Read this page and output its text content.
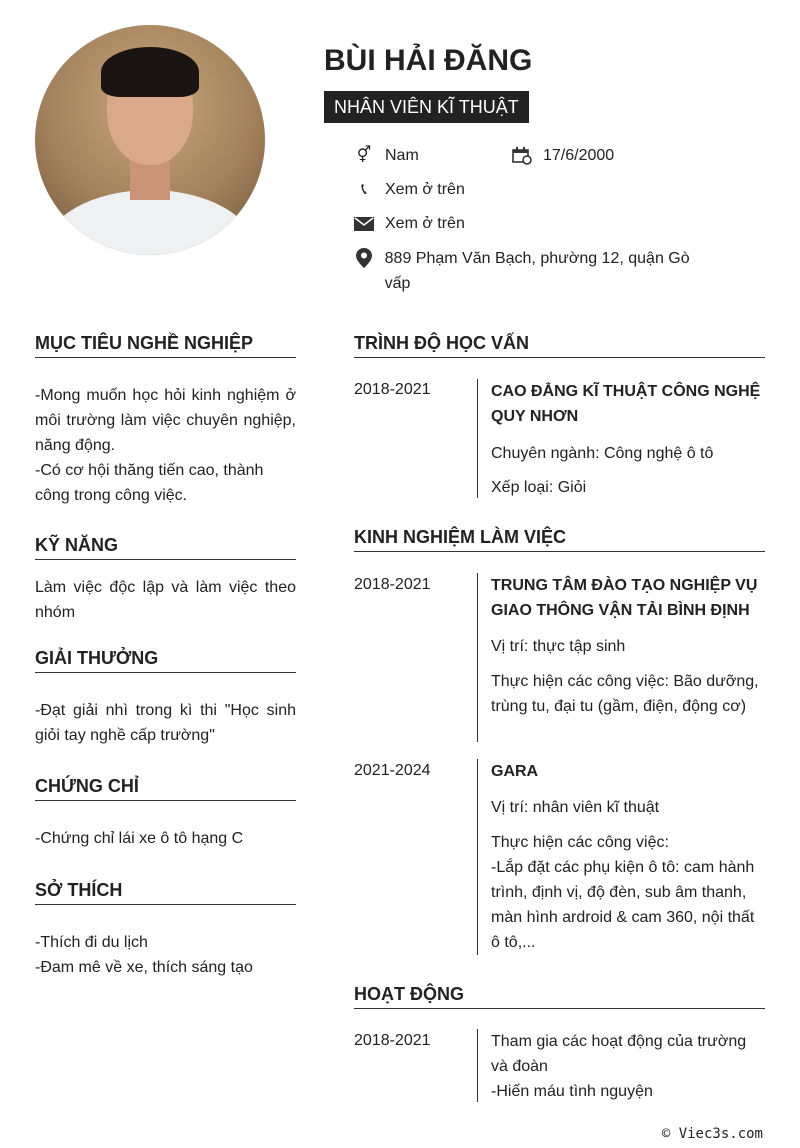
BÙI HẢI ĐĂNG
NHÂN VIÊN KĨ THUẬT
⚥ Nam	17/6/2000
📞︎	Xem ở trên
Xem ở trên
889 Phạm Văn Bạch, phường 12, quận Gò vấp
MỤC TIÊU NGHỀ NGHIỆP
-Mong muốn học hỏi kinh nghiệm ở môi trường làm việc chuyên nghiệp, năng động.
-Có cơ hội thăng tiến cao, thành công trong công việc.
KỸ NĂNG
Làm việc độc lập và làm việc theo nhóm
GIẢI THƯỞNG
-Đạt giải nhì trong kì thi "Học sinh giỏi tay nghề cấp trường"
CHỨNG CHỈ
-Chứng chỉ lái xe ô tô hạng C
SỞ THÍCH
-Thích đi du lịch
-Đam mê về xe, thích sáng tạo
TRÌNH ĐỘ HỌC VẤN
2018-2021	CAO ĐẲNG KĨ THUẬT CÔNG NGHỆ QUY NHƠN
Chuyên ngành: Công nghệ ô tô
Xếp loại: Giỏi
KINH NGHIỆM LÀM VIỆC
2018-2021	TRUNG TÂM ĐÀO TẠO NGHIỆP VỤ GIAO THÔNG VẬN TẢI BÌNH ĐỊNH
Vị trí: thực tập sinh
Thực hiện các công việc: Bão dưỡng, trùng tu, đại tu (gầm, điện, động cơ)
2021-2024	GARA
Vị trí: nhân viên kĩ thuật
Thực hiện các công việc:
-Lắp đặt các phụ kiện ô tô: cam hành trình, định vị, độ đèn, sub âm thanh, màn hình ardroid & cam 360, nội thất ô tô,...
HOẠT ĐỘNG
2018-2021	Tham gia các hoạt động của trường và đoàn
-Hiến máu tình nguyện
© Viec3s.com
